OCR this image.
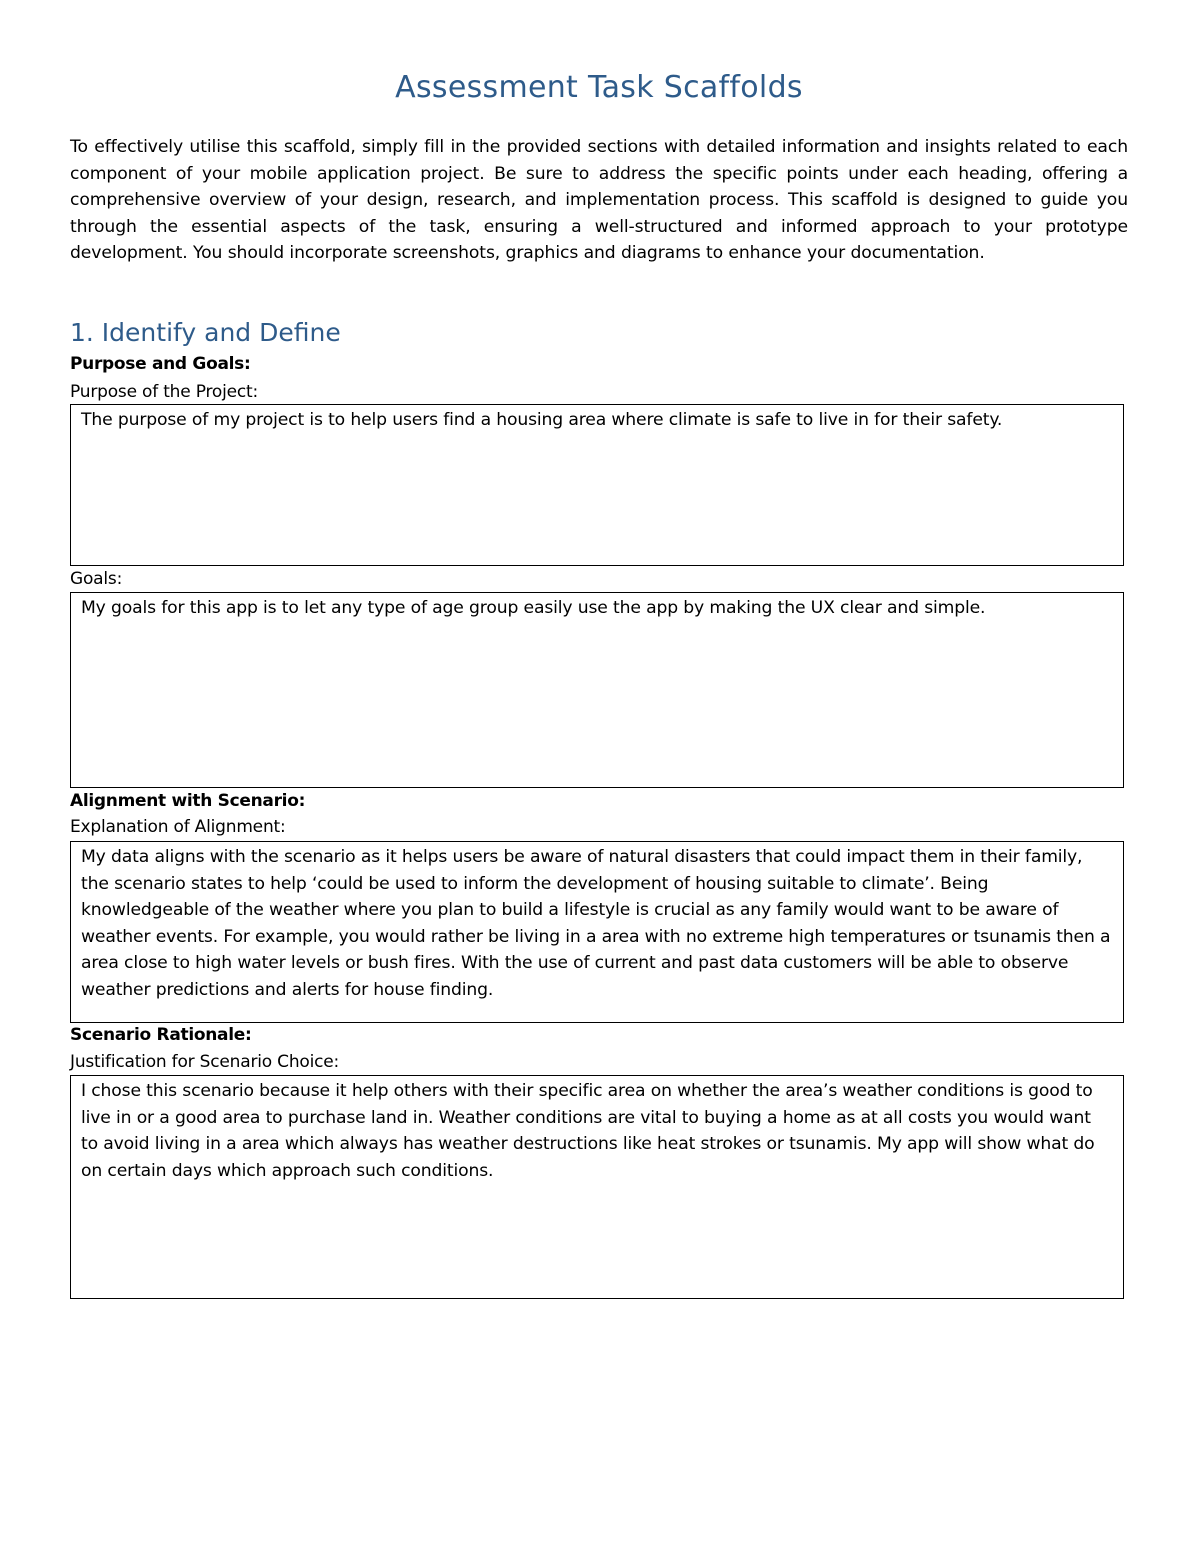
Assessment Task Scaffolds
To effectively utilise this scaffold, simply fill in the provided sections with detailed information and insights related to each component of your mobile application project. Be sure to address the specific points under each heading, offering a comprehensive overview of your design, research, and implementation process. This scaffold is designed to guide you through the essential aspects of the task, ensuring a well-structured and informed approach to your prototype development. You should incorporate screenshots, graphics and diagrams to enhance your documentation.
1. Identify and Define
Purpose and Goals:
Purpose of the Project:
The purpose of my project is to help users find a housing area where climate is safe to live in for their safety.
Goals:
My goals for this app is to let any type of age group easily use the app by making the UX clear and simple.
Alignment with Scenario:
Explanation of Alignment:
My data aligns with the scenario as it helps users be aware of natural disasters that could impact them in their family, the scenario states to help ‘could be used to inform the development of housing suitable to climate’. Being knowledgeable of the weather where you plan to build a lifestyle is crucial as any family would want to be aware of weather events. For example, you would rather be living in a area with no extreme high temperatures or tsunamis then a area close to high water levels or bush fires. With the use of current and past data customers will be able to observe weather predictions and alerts for house finding.
Scenario Rationale:
Justification for Scenario Choice:
I chose this scenario because it help others with their specific area on whether the area’s weather conditions is good to live in or a good area to purchase land in. Weather conditions are vital to buying a home as at all costs you would want to avoid living in a area which always has weather destructions like heat strokes or tsunamis. My app will show what do on certain days which approach such conditions.
